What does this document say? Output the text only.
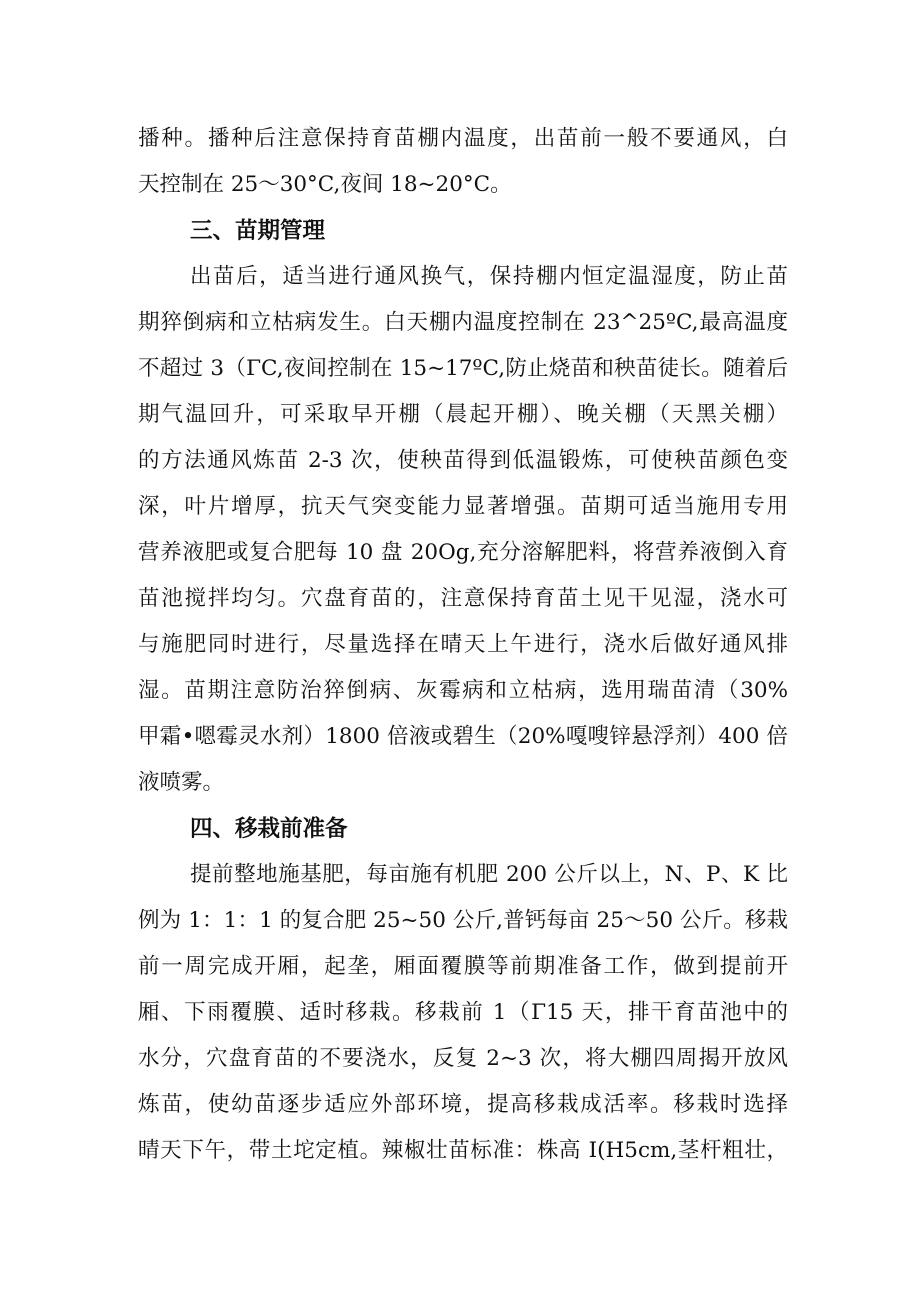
播种。播种后注意保持育苗棚内温度，出苗前一般不要通风，白

天控制在 25～30°C,夜间 18~20°C。

三、苗期管理

出苗后，适当进行通风换气，保持棚内恒定温湿度，防止苗

期猝倒病和立枯病发生。白天棚内温度控制在 23^25ºC,最高温度

不超过 3（ΓC,夜间控制在 15~17ºC,防止烧苗和秧苗徒长。随着后

期气温回升，可采取早开棚（晨起开棚）、晚关棚（天黑关棚）

的方法通风炼苗 2-3 次，使秧苗得到低温锻炼，可使秧苗颜色变

深，叶片增厚，抗天气突变能力显著增强。苗期可适当施用专用

营养液肥或复合肥每 10 盘 20Og,充分溶解肥料，将营养液倒入育

苗池搅拌均匀。穴盘育苗的，注意保持育苗土见干见湿，浇水可

与施肥同时进行，尽量选择在晴天上午进行，浇水后做好通风排

湿。苗期注意防治猝倒病、灰霉病和立枯病，选用瑞苗清（30%

甲霜•嗯霉灵水剂）1800 倍液或碧生（20%嘎嗖锌悬浮剂）400 倍

液喷雾。

四、移栽前准备

提前整地施基肥，每亩施有机肥 200 公斤以上，N、P、K 比

例为 1：1：1 的复合肥 25~50 公斤,普钙每亩 25～50 公斤。移栽

前一周完成开厢，起垄，厢面覆膜等前期准备工作，做到提前开

厢、下雨覆膜、适时移栽。移栽前 1（Γ15 天，排干育苗池中的

水分，穴盘育苗的不要浇水，反复 2~3 次，将大棚四周揭开放风

炼苗，使幼苗逐步适应外部环境，提高移栽成活率。移栽时选择

晴天下午，带土坨定植。辣椒壮苗标准：株高 I(H5cm,茎杆粗壮，
